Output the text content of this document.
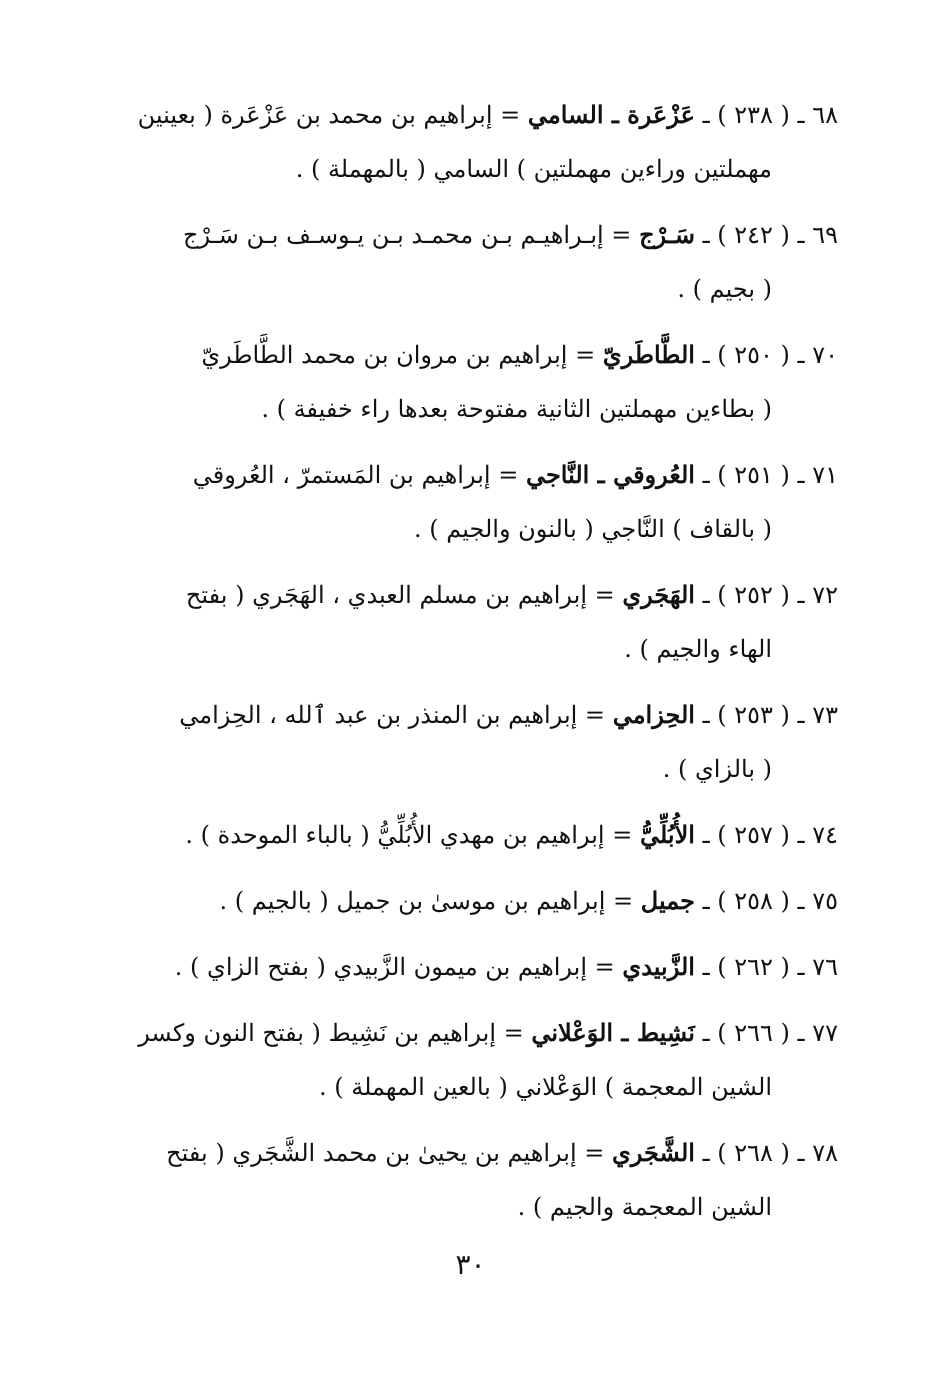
٦٨ ـ ( ٢٣٨ ) ـ عَزْعَرة ـ السامي = إبراهيم بن محمد بن عَزْعَرة ( بعينين
مهملتين وراءين مهملتين ) السامي ( بالمهملة ) .
٦٩ ـ ( ٢٤٢ ) ـ سَـرْج = إبـراهيـم بـن محمـد بـن يـوسـف بـن سَـرْج
( بجيم ) .
٧٠ ـ ( ٢٥٠ ) ـ الطَّاطَريّ = إبراهيم بن مروان بن محمد الطَّاطَريّ
( بطاءين مهملتين الثانية مفتوحة بعدها راء خفيفة ) .
٧١ ـ ( ٢٥١ ) ـ العُروقي ـ النَّاجي = إبراهيم بن المَستمرّ ، العُروقي
( بالقاف ) النَّاجي ( بالنون والجيم ) .
٧٢ ـ ( ٢٥٢ ) ـ الهَجَري = إبراهيم بن مسلم العبدي ، الهَجَري ( بفتح
الهاء والجيم ) .
٧٣ ـ ( ٢٥٣ ) ـ الحِزامي = إبراهيم بن المنذر بن عبد ٱلله ، الحِزامي
( بالزاي ) .
٧٤ ـ ( ٢٥٧ ) ـ الأُبُلِّيُّ = إبراهيم بن مهدي الأُبُلِّيُّ ( بالباء الموحدة ) .
٧٥ ـ ( ٢٥٨ ) ـ جميل = إبراهيم بن موسىٰ بن جميل ( بالجيم ) .
٧٦ ـ ( ٢٦٢ ) ـ الزَّبيدي = إبراهيم بن ميمون الزَّبيدي ( بفتح الزاي ) .
٧٧ ـ ( ٢٦٦ ) ـ نَشِيط ـ الوَعْلاني = إبراهيم بن نَشِيط ( بفتح النون وكسر
الشين المعجمة ) الوَعْلاني ( بالعين المهملة ) .
٧٨ ـ ( ٢٦٨ ) ـ الشَّجَري = إبراهيم بن يحيىٰ بن محمد الشَّجَري ( بفتح
الشين المعجمة والجيم ) .
٣٠
